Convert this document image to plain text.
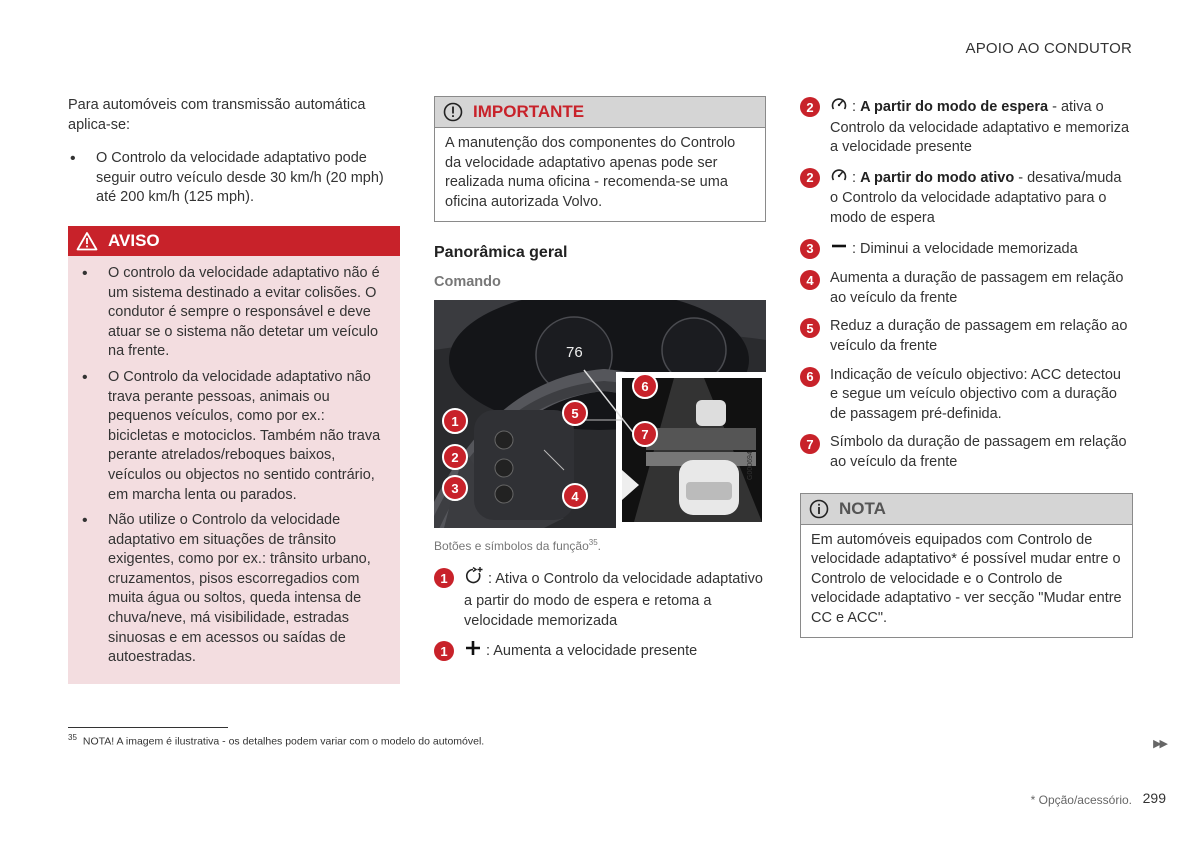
APOIO AO CONDUTOR

Para automóveis com transmissão automática aplica-se:

• O Controlo da velocidade adaptativo pode seguir outro veículo desde 30 km/h (20 mph) até 200 km/h (125 mph).
AVISO
• O controlo da velocidade adaptativo não é um sistema destinado a evitar colisões. O condutor é sempre o responsável e deve atuar se o sistema não detetar um veículo na frente.
• O Controlo da velocidade adaptativo não trava perante pessoas, animais ou pequenos veículos, como por ex.: bicicletas e motociclos. Também não trava perante atrelados/reboques baixos, veículos ou objectos no sentido contrário, em marcha lenta ou parados.
• Não utilize o Controlo da velocidade adaptativo em situações de trânsito exigentes, como por ex.: trânsito urbano, cruzamentos, pisos escorregadios com muita água ou soltos, queda intensa de chuva/neve, má visibilidade, estradas sinuosas e em acessos ou saídas de autoestradas.
IMPORTANTE
A manutenção dos componentes do Controlo da velocidade adaptativo apenas pode ser realizada numa oficina - recomenda-se uma oficina autorizada Volvo.
Panorâmica geral
Comando
76
G000694
1
2
3
4
5
6
7
Botões e símbolos da função$^{35}$.
1	: Ativa o Controlo da velocidade adaptativo a partir do modo de espera e retoma a velocidade memorizada
1	: Aumenta a velocidade presente
2	: A partir do modo de espera - ativa o Controlo da velocidade adaptativo e memoriza a velocidade presente
2	: A partir do modo ativo - desativa/muda o Controlo da velocidade adaptativo para o modo de espera
3	: Diminui a velocidade memorizada
4	Aumenta a duração de passagem em relação ao veículo da frente
5	Reduz a duração de passagem em relação ao veículo da frente
6	Indicação de veículo objectivo: ACC detectou e segue um veículo objectivo com a duração de passagem pré-definida.
7	Símbolo da duração de passagem em relação ao veículo da frente
NOTA
Em automóveis equipados com Controlo de velocidade adaptativo* é possível mudar entre o Controlo de velocidade e o Controlo de velocidade adaptativo - ver secção "Mudar entre CC e ACC".
$^{35}$ NOTA! A imagem é ilustrativa - os detalhes podem variar com o modelo do automóvel.	▶▶
* Opção/acessório. 299
